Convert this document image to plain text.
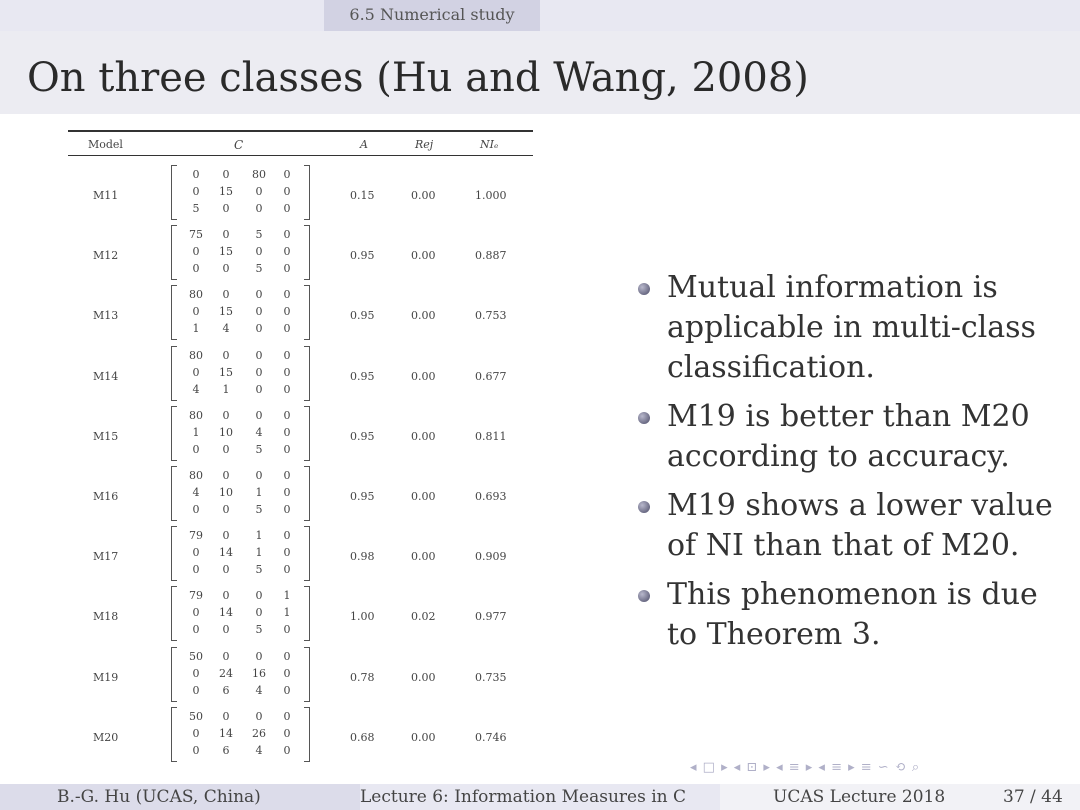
6.5 Numerical study
On three classes (Hu and Wang, 2008)
Model	C	A	Rej	NIₑ
M11
0	0	80	0
0	15	0	0
5	0	0	0
0.15	0.00	1.000
M12
75	0	5	0
0	15	0	0
0	0	5	0
0.95	0.00	0.887
M13
80	0	0	0
0	15	0	0
1	4	0	0
0.95	0.00	0.753
M14
80	0	0	0
0	15	0	0
4	1	0	0
0.95	0.00	0.677
M15
80	0	0	0
1	10	4	0
0	0	5	0
0.95	0.00	0.811
M16
80	0	0	0
4	10	1	0
0	0	5	0
0.95	0.00	0.693
M17
79	0	1	0
0	14	1	0
0	0	5	0
0.98	0.00	0.909
M18
79	0	0	1
0	14	0	1
0	0	5	0
1.00	0.02	0.977
M19
50	0	0	0
0	24	16	0
0	6	4	0
0.78	0.00	0.735
M20
50	0	0	0
0	14	26	0
0	6	4	0
0.68	0.00	0.746
Mutual information is applicable in multi-class classification.
M19 is better than M20 according to accuracy.
M19 shows a lower value of NI than that of M20.
This phenomenon is due to Theorem 3.
◂ □ ▸ ◂ ⊡ ▸ ◂ ≡ ▸ ◂ ≡ ▸ ≡ ∽ ⟲ ⌕
B.-G. Hu (UCAS, China)	Lecture 6: Information Measures in C	UCAS Lecture 2018	37 / 44
